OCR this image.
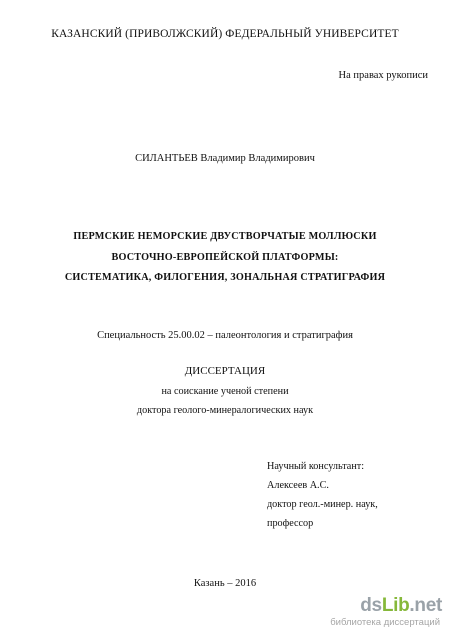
КАЗАНСКИЙ (ПРИВОЛЖСКИЙ) ФЕДЕРАЛЬНЫЙ УНИВЕРСИТЕТ
На правах рукописи
СИЛАНТЬЕВ Владимир Владимирович
ПЕРМСКИЕ НЕМОРСКИЕ ДВУСТВОРЧАТЫЕ МОЛЛЮСКИ
ВОСТОЧНО-ЕВРОПЕЙСКОЙ ПЛАТФОРМЫ:
СИСТЕМАТИКА, ФИЛОГЕНИЯ, ЗОНАЛЬНАЯ СТРАТИГРАФИЯ
Специальность 25.00.02 – палеонтология и стратиграфия
ДИССЕРТАЦИЯ
на соискание ученой степени
доктора геолого-минералогических наук
Научный консультант:
Алексеев А.С.
доктор геол.-минер. наук,
профессор
Казань – 2016
dsLib.net
библиотека диссертаций
